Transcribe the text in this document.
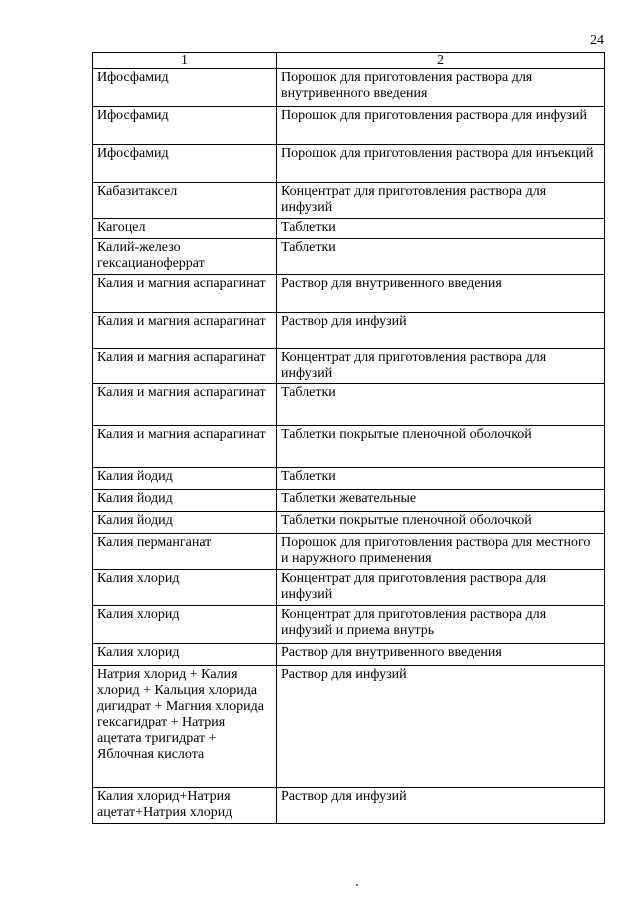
24
1	2
Ифосфамид	Порошок для приготовления раствора для внутривенного введения
Ифосфамид	Порошок для приготовления раствора для инфузий
Ифосфамид	Порошок для приготовления раствора для инъекций
Кабазитаксел	Концентрат для приготовления раствора для инфузий
Кагоцел	Таблетки
Калий-железо гексацианоферрат	Таблетки
Калия и магния аспарагинат	Раствор для внутривенного введения
Калия и магния аспарагинат	Раствор для инфузий
Калия и магния аспарагинат	Концентрат для приготовления раствора для инфузий
Калия и магния аспарагинат	Таблетки
Калия и магния аспарагинат	Таблетки покрытые пленочной оболочкой
Калия йодид	Таблетки
Калия йодид	Таблетки жевательные
Калия йодид	Таблетки покрытые пленочной оболочкой
Калия перманганат	Порошок для приготовления раствора для местного и наружного применения
Калия хлорид	Концентрат для приготовления раствора для инфузий
Калия хлорид	Концентрат для приготовления раствора для инфузий и приема внутрь
Калия хлорид	Раствор для внутривенного введения
Натрия хлорид + Калия хлорид + Кальция хлорида дигидрат + Магния хлорида гексагидрат + Натрия ацетата тригидрат + Яблочная кислота	Раствор для инфузий
Калия хлорид+Натрия ацетат+Натрия хлорид	Раствор для инфузий
